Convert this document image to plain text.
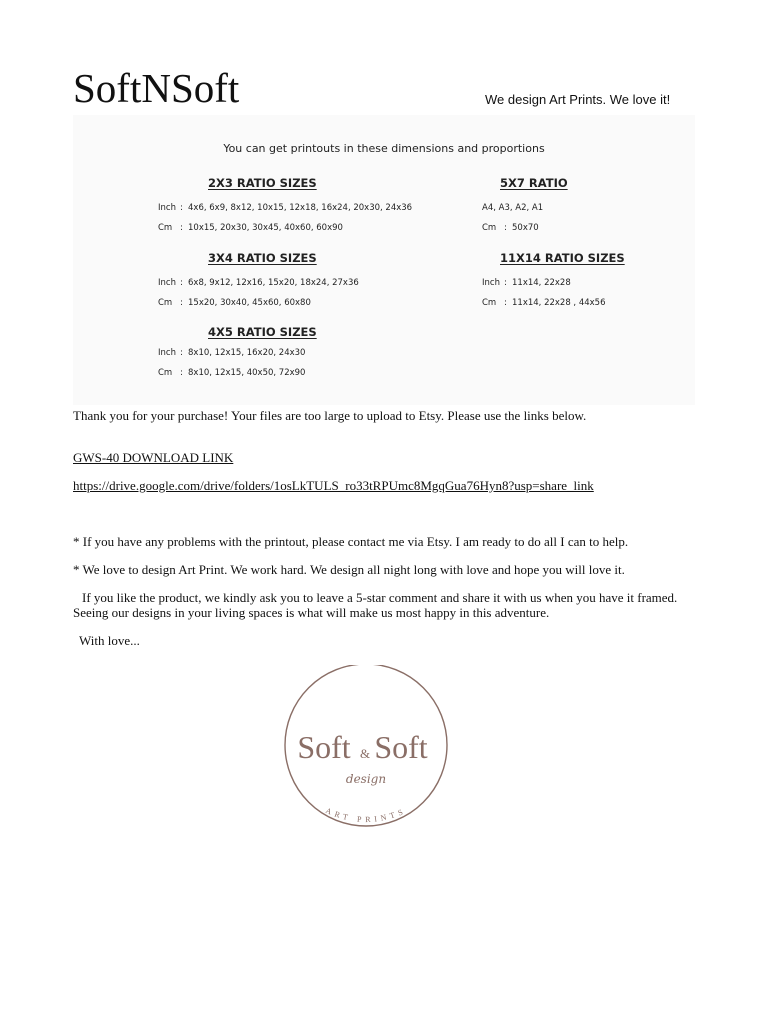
SoftNSoft	We design Art Prints. We love it!
You can get printouts in these dimensions and proportions
2X3 RATIO SIZES
Inch : 4x6, 6x9, 8x12, 10x15, 12x18, 16x24, 20x30, 24x36
Cm : 10x15, 20x30, 30x45, 40x60, 60x90
5X7 RATIO
A4, A3, A2, A1
Cm : 50x70
3X4 RATIO SIZES
Inch : 6x8, 9x12, 12x16, 15x20, 18x24, 27x36
Cm : 15x20, 30x40, 45x60, 60x80
11X14 RATIO SIZES
Inch : 11x14, 22x28
Cm : 11x14, 22x28 , 44x56
4X5 RATIO SIZES
Inch : 8x10, 12x15, 16x20, 24x30
Cm : 8x10, 12x15, 40x50, 72x90

Thank you for your purchase! Your files are too large to upload to Etsy. Please use the links below.

GWS-40 DOWNLOAD LINK

https://drive.google.com/drive/folders/1osLkTULS_ro33tRPUmc8MgqGua76Hyn8?usp=share_link

* If you have any problems with the printout, please contact me via Etsy. I am ready to do all I can to help.

* We love to design Art Print. We work hard. We design all night long with love and hope you will love it.

If you like the product, we kindly ask you to leave a 5-star comment and share it with us when you have it framed. Seeing our designs in your living spaces is what will make us most happy in this adventure.

With love...

Soft & Soft
design
ART PRINTS
